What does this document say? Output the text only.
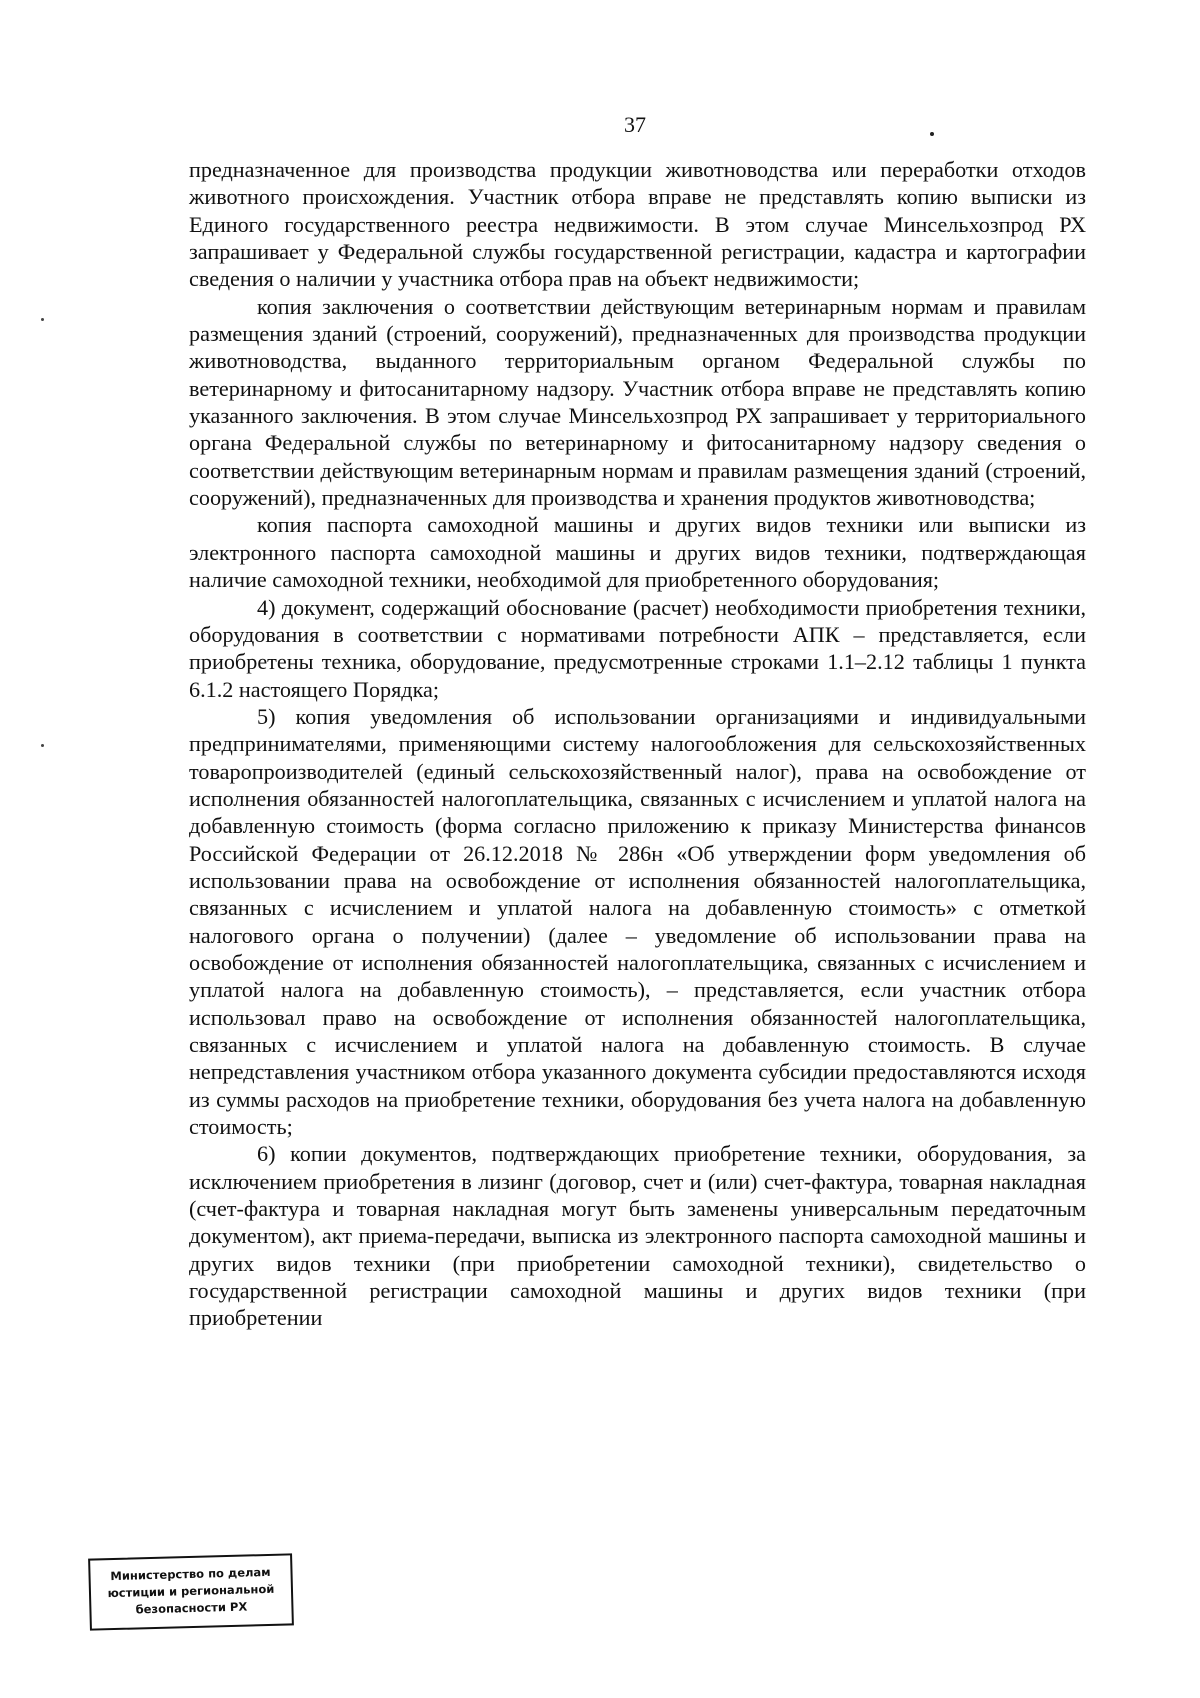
37

предназначенное для производства продукции животноводства или переработки отходов животного происхождения. Участник отбора вправе не представлять копию выписки из Единого государственного реестра недвижимости. В этом случае Минсельхозпрод РХ запрашивает у Федеральной службы государственной регистрации, кадастра и картографии сведения о наличии у участника отбора прав на объект недвижимости;

копия заключения о соответствии действующим ветеринарным нормам и правилам размещения зданий (строений, сооружений), предназначенных для производства продукции животноводства, выданного территориальным органом Федеральной службы по ветеринарному и фитосанитарному надзору. Участник отбора вправе не представлять копию указанного заключения. В этом случае Минсельхозпрод РХ запрашивает у территориального органа Федеральной службы по ветеринарному и фитосанитарному надзору сведения о соответствии действующим ветеринарным нормам и правилам размещения зданий (строений, сооружений), предназначенных для производства и хранения продуктов животноводства;

копия паспорта самоходной машины и других видов техники или выписки из электронного паспорта самоходной машины и других видов техники, подтверждающая наличие самоходной техники, необходимой для приобретенного оборудования;

4) документ, содержащий обоснование (расчет) необходимости приобретения техники, оборудования в соответствии с нормативами потребности АПК – представляется, если приобретены техника, оборудование, предусмотренные строками 1.1–2.12 таблицы 1 пункта 6.1.2 настоящего Порядка;

5) копия уведомления об использовании организациями и индивидуальными предпринимателями, применяющими систему налогообложения для сельскохозяйственных товаропроизводителей (единый сельскохозяйственный налог), права на освобождение от исполнения обязанностей налогоплательщика, связанных с исчислением и уплатой налога на добавленную стоимость (форма согласно приложению к приказу Министерства финансов Российской Федерации от 26.12.2018 № 286н «Об утверждении форм уведомления об использовании права на освобождение от исполнения обязанностей налогоплательщика, связанных с исчислением и уплатой налога на добавленную стоимость» с отметкой налогового органа о получении) (далее – уведомление об использовании права на освобождение от исполнения обязанностей налогоплательщика, связанных с исчислением и уплатой налога на добавленную стоимость), – представляется, если участник отбора использовал право на освобождение от исполнения обязанностей налогоплательщика, связанных с исчислением и уплатой налога на добавленную стоимость. В случае непредставления участником отбора указанного документа субсидии предоставляются исходя из суммы расходов на приобретение техники, оборудования без учета налога на добавленную стоимость;

6) копии документов, подтверждающих приобретение техники, оборудования, за исключением приобретения в лизинг (договор, счет и (или) счет-фактура, товарная накладная (счет-фактура и товарная накладная могут быть заменены универсальным передаточным документом), акт приема-передачи, выписка из электронного паспорта самоходной машины и других видов техники (при приобретении самоходной техники), свидетельство о государственной регистрации самоходной машины и других видов техники (при приобретении

Министерство по делам
юстиции и региональной
безопасности РХ
